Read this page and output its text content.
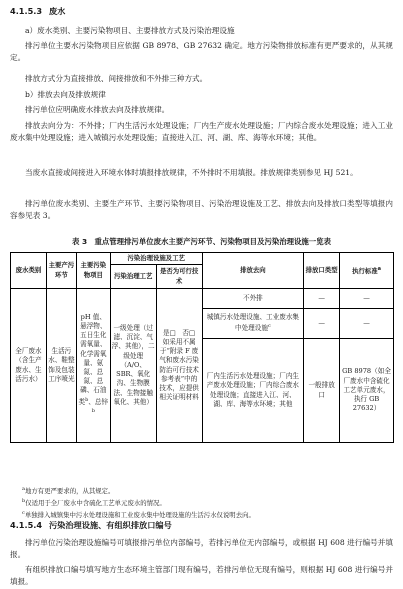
4.1.5.3 废水

a）废水类别、主要污染物项目、主要排放方式及污染治理设施

排污单位主要水污染物项目应依据 GB 8978、GB 27632 确定。地方污染物排放标准有更严要求的，从其规定。

排放方式分为直接排放、间接排放和不外排三种方式。

b）排放去向及排放规律

排污单位应明确废水排放去向及排放规律。

排放去向分为：不外排；厂内生活污水处理设施；厂内生产废水处理设施；厂内综合废水处理设施；进入工业废水集中处理设施；进入城镇污水处理设施；直接进入江、河、湖、库、海等水环境；其他。

当废水直接或间接进入环境水体时填报排放规律，不外排时不用填报。排放规律类别参见 HJ 521。

排污单位废水类别、主要生产环节、主要污染物项目、污染治理设施及工艺、排放去向及排放口类型等填报内容参见表 3。

表 3　重点管理排污单位废水主要产污环节、污染物项目及污染治理设施一览表
废水类别	主要产污环节	主要污染物项目	污染治理设施及工艺		排放去向	排放口类型	执行标准$^a$
			污染治理工艺	是否为可行技术			
全厂废水（含生产废水、生活污水）	生活污水、鞋整饰及包装工序喷光	pH 值、悬浮物、五日生化需氧量、化学需氧量、氨氮、总氮、总磷、石油类$^b$、总锌$^b$	一级处理（过滤、沉淀、气浮、其他），二级处理（A/O、SBR、氧化沟、生物膜法、生物接触氧化、其他）	是□　否□　如采用不属于“附录 F 废气和废水污染防治可行技术参考表”中的技术，应提供相关证明材料	不外排	—	—
					城镇污水处理设施、工业废水集中处理设施$^c$	—	—
					厂内生活污水处理设施；厂内生产废水处理设施；厂内综合废水处理设施；直接进入江、河、湖、库、海等水环境；其他	一般排放口	GB 8978（如全厂废水中含硫化工艺单元废水，执行 GB 27632）
$^a$地方有更严要求的，从其规定。
$^b$仅适用于全厂废水中含硫化工艺单元废水的情况。
$^c$单独排入城镇集中污水处理设施和工业废水集中处理设施的生活污水仅说明去向。
4.1.5.4 污染治理设施、有组织排放口编号

排污单位污染治理设施编号可填报排污单位内部编号，若排污单位无内部编号，或根据 HJ 608 进行编号并填报。

有组织排放口编号填写地方生态环境主管部门现有编号，若排污单位无现有编号，则根据 HJ 608 进行编号并填报。
